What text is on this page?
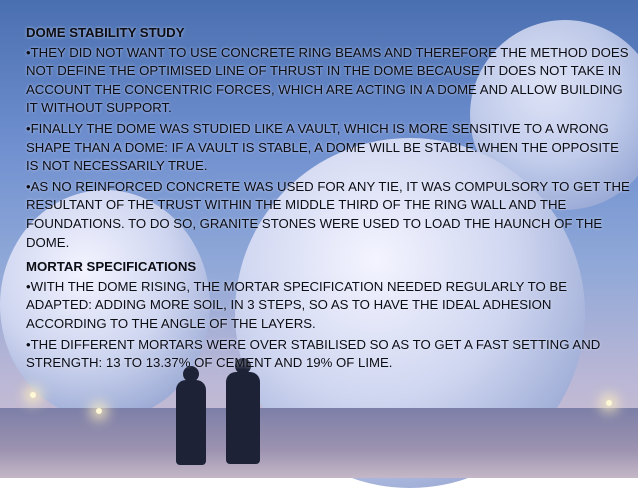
DOME STABILITY STUDY
•THEY DID NOT WANT TO USE CONCRETE RING BEAMS AND THEREFORE THE METHOD DOES NOT DEFINE THE OPTIMISED LINE OF THRUST IN THE DOME BECAUSE IT DOES NOT TAKE IN ACCOUNT THE CONCENTRIC FORCES, WHICH ARE ACTING IN A DOME AND ALLOW BUILDING IT WITHOUT SUPPORT.
•FINALLY THE DOME WAS STUDIED LIKE A VAULT, WHICH IS MORE SENSITIVE TO A WRONG SHAPE THAN A DOME: IF A VAULT IS STABLE, A DOME WILL BE STABLE.WHEN THE OPPOSITE IS NOT NECESSARILY TRUE.
•AS NO REINFORCED CONCRETE WAS USED FOR ANY TIE, IT WAS COMPULSORY TO GET THE RESULTANT OF THE TRUST WITHIN THE MIDDLE THIRD OF THE RING WALL AND THE FOUNDATIONS. TO DO SO, GRANITE STONES WERE USED TO LOAD THE HAUNCH OF THE DOME.
MORTAR SPECIFICATIONS
•WITH THE DOME RISING, THE MORTAR SPECIFICATION NEEDED REGULARLY TO BE ADAPTED: ADDING MORE SOIL, IN 3 STEPS, SO AS TO HAVE THE IDEAL ADHESION ACCORDING TO THE ANGLE OF THE LAYERS.
•THE DIFFERENT MORTARS WERE OVER STABILISED SO AS TO GET A FAST SETTING AND STRENGTH: 13 TO 13.37% OF CEMENT AND 19% OF LIME.
